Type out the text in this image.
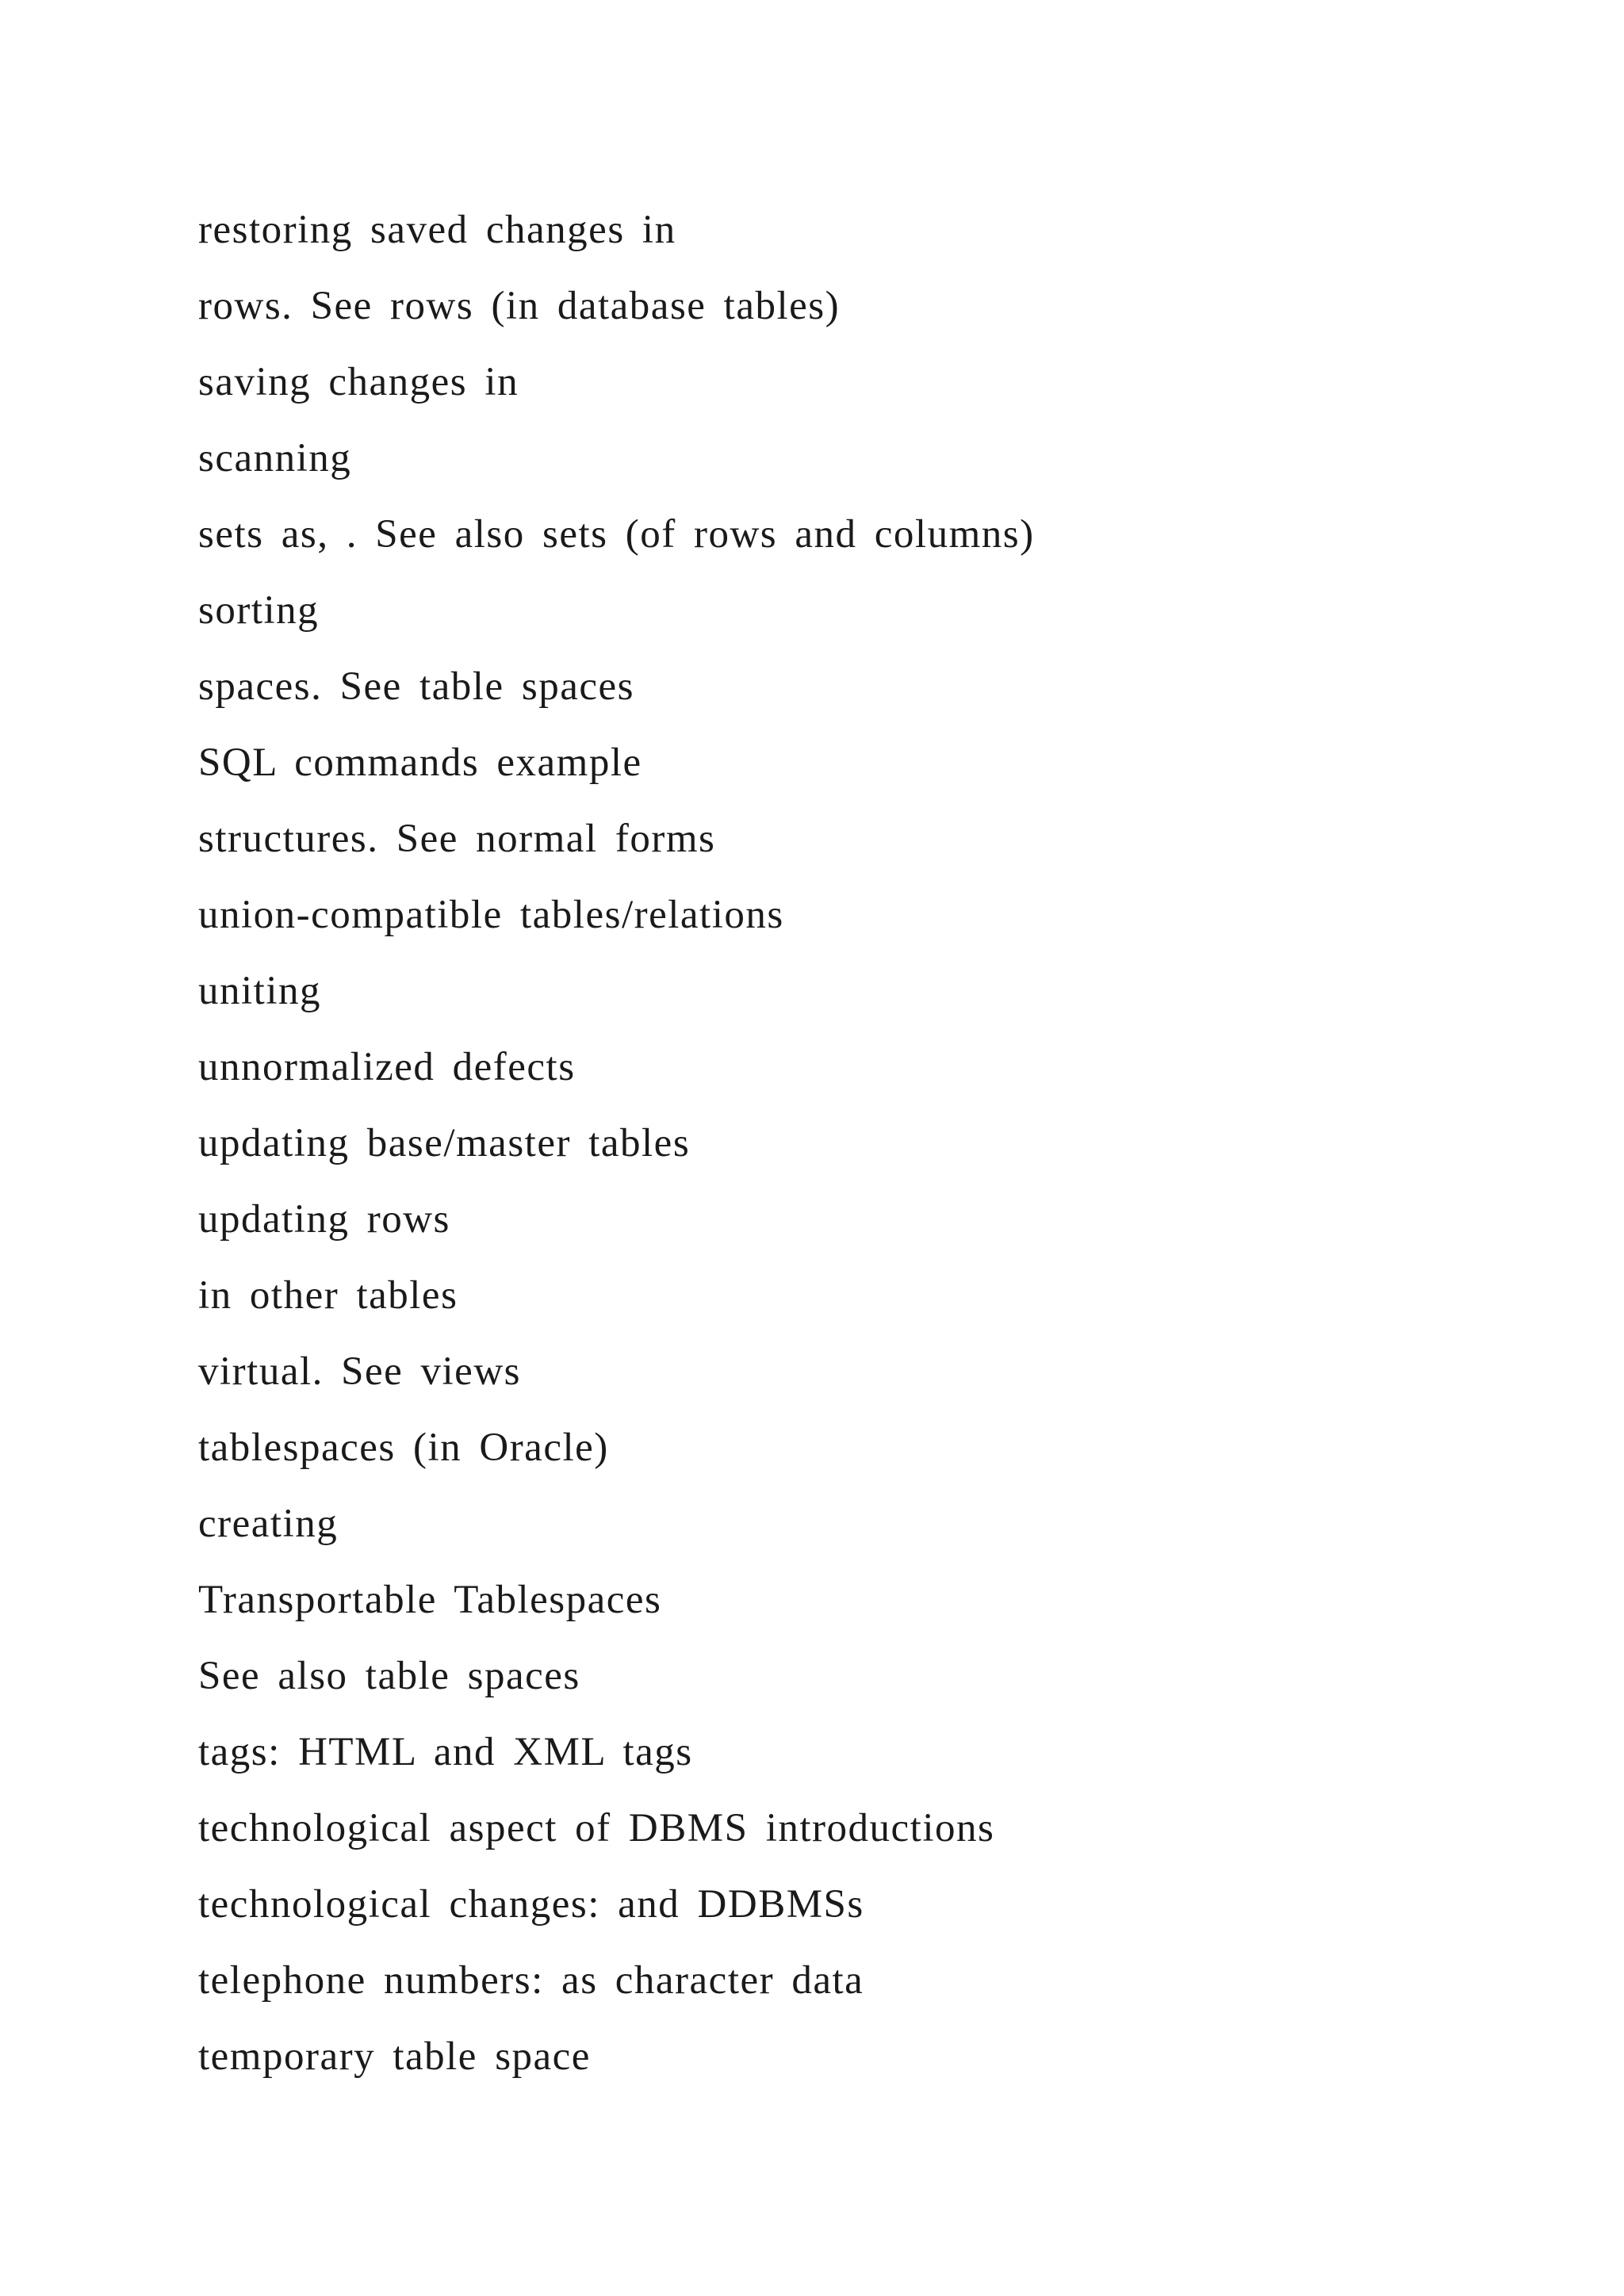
restoring saved changes in
rows. See rows (in database tables)
saving changes in
scanning
sets as, . See also sets (of rows and columns)
sorting
spaces. See table spaces
SQL commands example
structures. See normal forms
union-compatible tables/relations
uniting
unnormalized defects
updating base/master tables
updating rows
in other tables
virtual. See views
tablespaces (in Oracle)
creating
Transportable Tablespaces
See also table spaces
tags: HTML and XML tags
technological aspect of DBMS introductions
technological changes: and DDBMSs
telephone numbers: as character data
temporary table space
